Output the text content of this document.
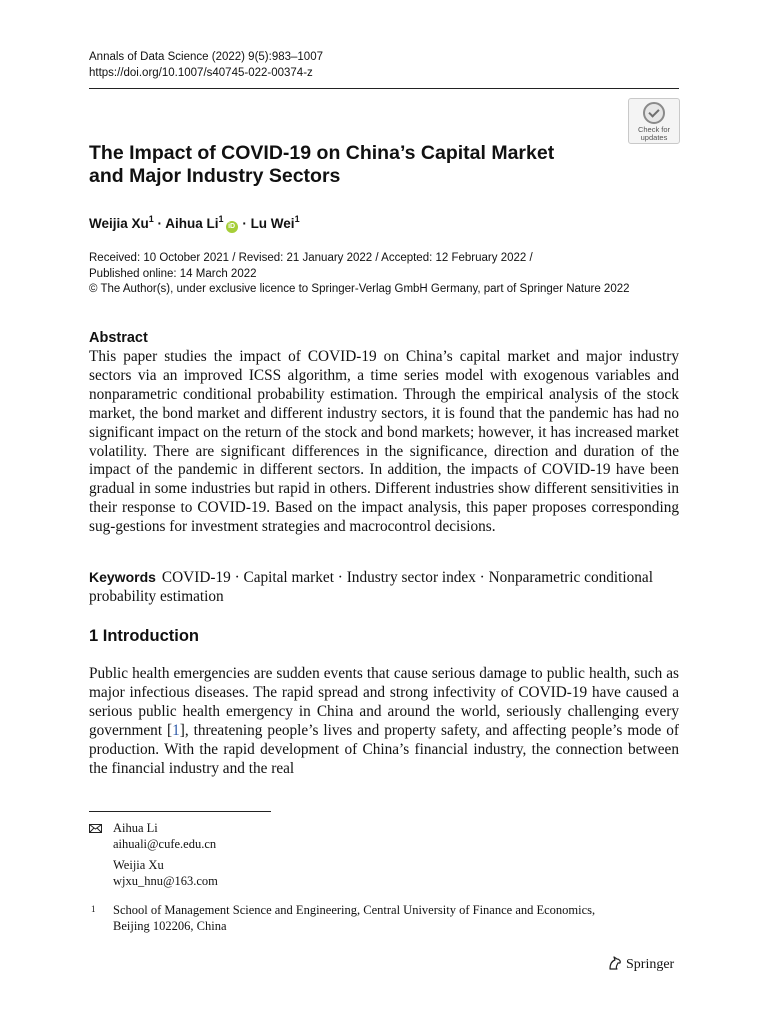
Annals of Data Science (2022) 9(5):983–1007
https://doi.org/10.1007/s40745-022-00374-z
Check for
updates
The Impact of COVID-19 on China’s Capital Market
and Major Industry Sectors
Weijia $Xu^1$ · Aihua $Li^1iD \cdot Lu$ Wei$^1$
Received: 10 October 2021 / Revised: 21 January 2022 / Accepted: 12 February 2022 /
Published online: 14 March 2022
© The Author(s), under exclusive licence to Springer-Verlag GmbH Germany, part of Springer Nature 2022
Abstract
This paper studies the impact of COVID-19 on China’s capital market and major industry sectors via an improved ICSS algorithm, a time series model with exogenous variables and nonparametric conditional probability estimation. Through the empirical analysis of the stock market, the bond market and different industry sectors, it is found that the pandemic has had no significant impact on the return of the stock and bond markets; however, it has increased market volatility. There are significant differences in the significance, direction and duration of the impact of the pandemic in different sectors. In addition, the impacts of COVID-19 have been gradual in some industries but rapid in others. Different industries show different sensitivities in their response to COVID-19. Based on the impact analysis, this paper proposes corresponding sug-gestions for investment strategies and macrocontrol decisions.
Keywords COVID-19 · Capital market · Industry sector index · Nonparametric conditional probability estimation
1 Introduction
Public health emergencies are sudden events that cause serious damage to public health, such as major infectious diseases. The rapid spread and strong infectivity of COVID-19 have caused a serious public health emergency in China and around the world, seriously challenging every government [1], threatening people’s lives and property safety, and affecting people’s mode of production. With the rapid development of China’s financial industry, the connection between the financial industry and the real
Aihua Li
aihuali@cufe.edu.cn
Weijia Xu
wjxu_hnu@163.com
1 School of Management Science and Engineering, Central University of Finance and Economics,
Beijing 102206, China
Springer
